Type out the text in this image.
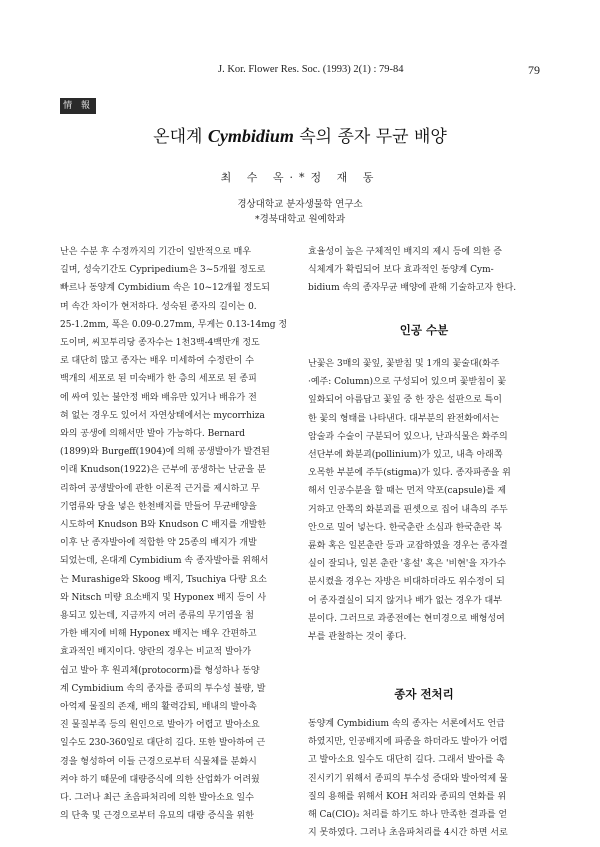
J. Kor. Flower Res. Soc. (1993) 2(1) : 79-84	79
情 報
온대계 Cymbidium 속의 종자 무균 배양
최 수 옥·*정 재 동
경상대학교 분자생물학 연구소
*경북대학교 원예학과
난은 수분 후 수정까지의 기간이 일반적으로 매우
길며, 성숙기간도 Cypripedium은 3~5개월 정도로
빠르나 동양계 Cymbidium 속은 10~12개월 정도되
며 속간 차이가 현저하다. 성숙된 종자의 길이는 0.
25-1.2mm, 폭은 0.09-0.27mm, 무게는 0.13-14mg 정
도이며, 씨꼬투리당 종자수는 1천3백-4백만개 정도
로 대단히 많고 종자는 배우 미세하여 수정란이 수
백개의 세포로 된 미숙배가 한 층의 세포로 된 종피
에 싸여 있는 불안정 배와 배유만 있거나 배유가 전
혀 없는 경우도 있어서 자연상태에서는 mycorrhiza
와의 공생에 의해서만 발아 가능하다. Bernard
(1899)와 Burgeff(1904)에 의해 공생발아가 발견된
이래 Knudson(1922)은 근부에 공생하는 난균을 분
리하여 공생발아에 관한 이론적 근거를 제시하고 무
기염류와 당을 넣은 한천배지를 만들어 무균배양을
시도하여 Knudson B와 Knudson C 배지를 개발한
이후 난 종자발아에 적합한 약 25종의 배지가 개발
되었는데, 온대계 Cymbidium 속 종자발아를 위해서
는 Murashige와 Skoog 배지, Tsuchiya 다량 요소
와 Nitsch 미량 요소배지 및 Hyponex 배지 등이 사
용되고 있는데, 지금까지 여러 종류의 무기염을 첨
가한 배지에 비해 Hyponex 배지는 배우 간편하고
효과적인 배지이다. 양란의 경우는 비교적 발아가
쉽고 발아 후 원괴체(protocorm)를 형성하나 동양
계 Cymbidium 속의 종자를 종피의 투수성 불량, 발
아억제 물질의 존재, 배의 활력감퇴, 배내의 발아촉
진 물질부족 등의 원인으로 발아가 어렵고 발아소요
일수도 230-360일로 대단히 길다. 또한 발아하여 근
경을 형성하여 이들 근경으로부터 식물체를 분화시
켜야 하기 때문에 대량증식에 의한 산업화가 어려웠
다. 그러나 최근 초음파처리에 의한 발아소요 일수
의 단축 및 근경으로부터 유묘의 대량 증식을 위한
효율성이 높은 구체적인 배지의 제시 등에 의한 증
식체계가 확립되어 보다 효과적인 동양계 Cym-
bidium 속의 종자무균 배양에 관해 기술하고자 한다.
인공 수분
난꽃은 3매의 꽃잎, 꽃받침 및 1개의 꽃술대(화주
·예주: Column)으로 구성되어 있으며 꽃받침이 꽃
잎화되어 아름답고 꽃잎 중 한 장은 설판으로 특이
한 꽃의 형태를 나타낸다. 대부분의 완전화에서는
암술과 수술이 구분되어 있으나, 난과식물은 화주의
선단부에 화분괴(pollinium)가 있고, 내측 아래쪽
오목한 부분에 주두(stigma)가 있다. 종자파종을 위
해서 인공수분을 할 때는 먼저 약포(capsule)를 제
거하고 안쪽의 화분괴를 핀셋으로 집어 내측의 주두
안으로 밀어 넣는다. 한국춘란 소심과 한국춘란 복
륜화 혹은 일본춘란 등과 교잡하였을 경우는 종자결
실이 잘되나, 일본 춘란 '홍설' 혹은 '비현'을 자가수
분시켰을 경우는 자방은 비대하더라도 위수정이 되
어 종자결실이 되지 않거나 배가 없는 경우가 대부
분이다. 그러므로 과종전에는 현미경으로 배형성여
부를 관찰하는 것이 좋다.
종자 전처리
동양계 Cymbidium 속의 종자는 서론에서도 언급
하였지만, 인공배지에 파종을 하더라도 발아가 어렵
고 발아소요 일수도 대단히 길다. 그래서 발아를 촉
진시키기 위해서 종피의 투수성 증대와 발아억제 물
질의 용해를 위해서 KOH 처리와 종피의 연화를 위
해 Ca(ClO)₂ 처리를 하기도 하나 만족한 결과를 얻
지 못하였다. 그러나 초음파처리를 4시간 하면 서로
